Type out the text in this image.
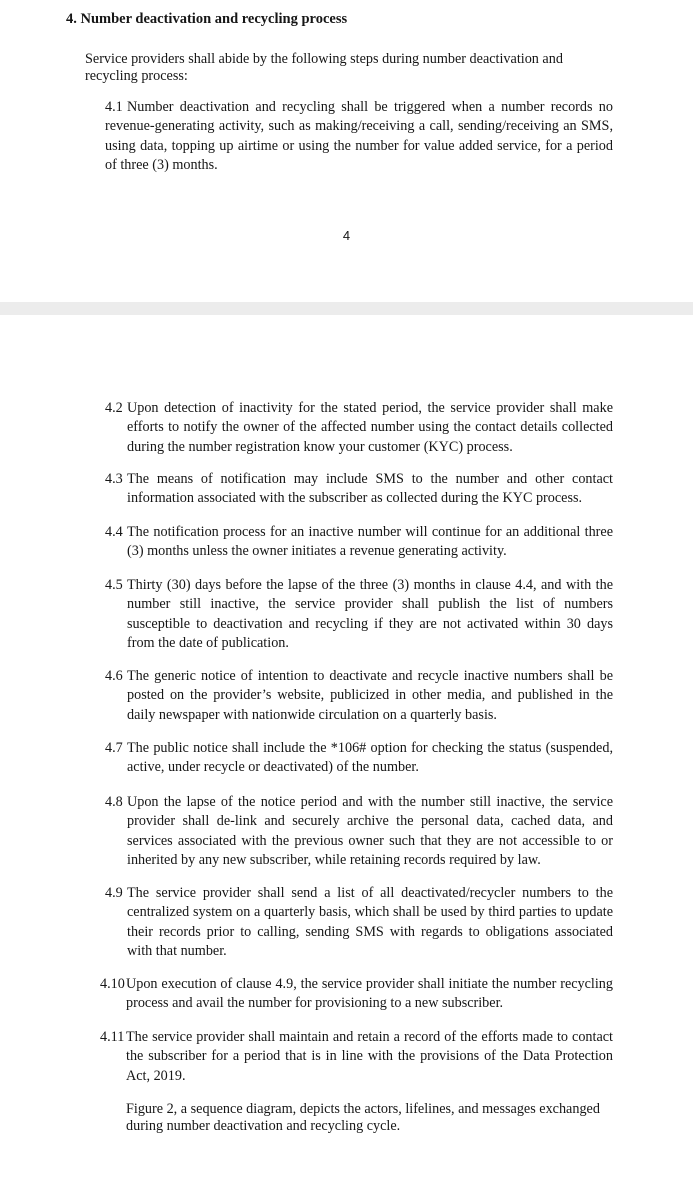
4. Number deactivation and recycling process
Service providers shall abide by the following steps during number deactivation and recycling process:
4.1 Number deactivation and recycling shall be triggered when a number records no revenue-generating activity, such as making/receiving a call, sending/receiving an SMS, using data, topping up airtime or using the number for value added service, for a period of three (3) months.
4
4.2 Upon detection of inactivity for the stated period, the service provider shall make efforts to notify the owner of the affected number using the contact details collected during the number registration know your customer (KYC) process.
4.3 The means of notification may include SMS to the number and other contact information associated with the subscriber as collected during the KYC process.
4.4 The notification process for an inactive number will continue for an additional three (3) months unless the owner initiates a revenue generating activity.
4.5 Thirty (30) days before the lapse of the three (3) months in clause 4.4, and with the number still inactive, the service provider shall publish the list of numbers susceptible to deactivation and recycling if they are not activated within 30 days from the date of publication.
4.6 The generic notice of intention to deactivate and recycle inactive numbers shall be posted on the provider’s website, publicized in other media, and published in the daily newspaper with nationwide circulation on a quarterly basis.
4.7 The public notice shall include the *106# option for checking the status (suspended, active, under recycle or deactivated) of the number.
4.8 Upon the lapse of the notice period and with the number still inactive, the service provider shall de-link and securely archive the personal data, cached data, and services associated with the previous owner such that they are not accessible to or inherited by any new subscriber, while retaining records required by law.
4.9 The service provider shall send a list of all deactivated/recycler numbers to the centralized system on a quarterly basis, which shall be used by third parties to update their records prior to calling, sending SMS with regards to obligations associated with that number.
4.10 Upon execution of clause 4.9, the service provider shall initiate the number recycling process and avail the number for provisioning to a new subscriber.
4.11 The service provider shall maintain and retain a record of the efforts made to contact the subscriber for a period that is in line with the provisions of the Data Protection Act, 2019.
Figure 2, a sequence diagram, depicts the actors, lifelines, and messages exchanged during number deactivation and recycling cycle.
